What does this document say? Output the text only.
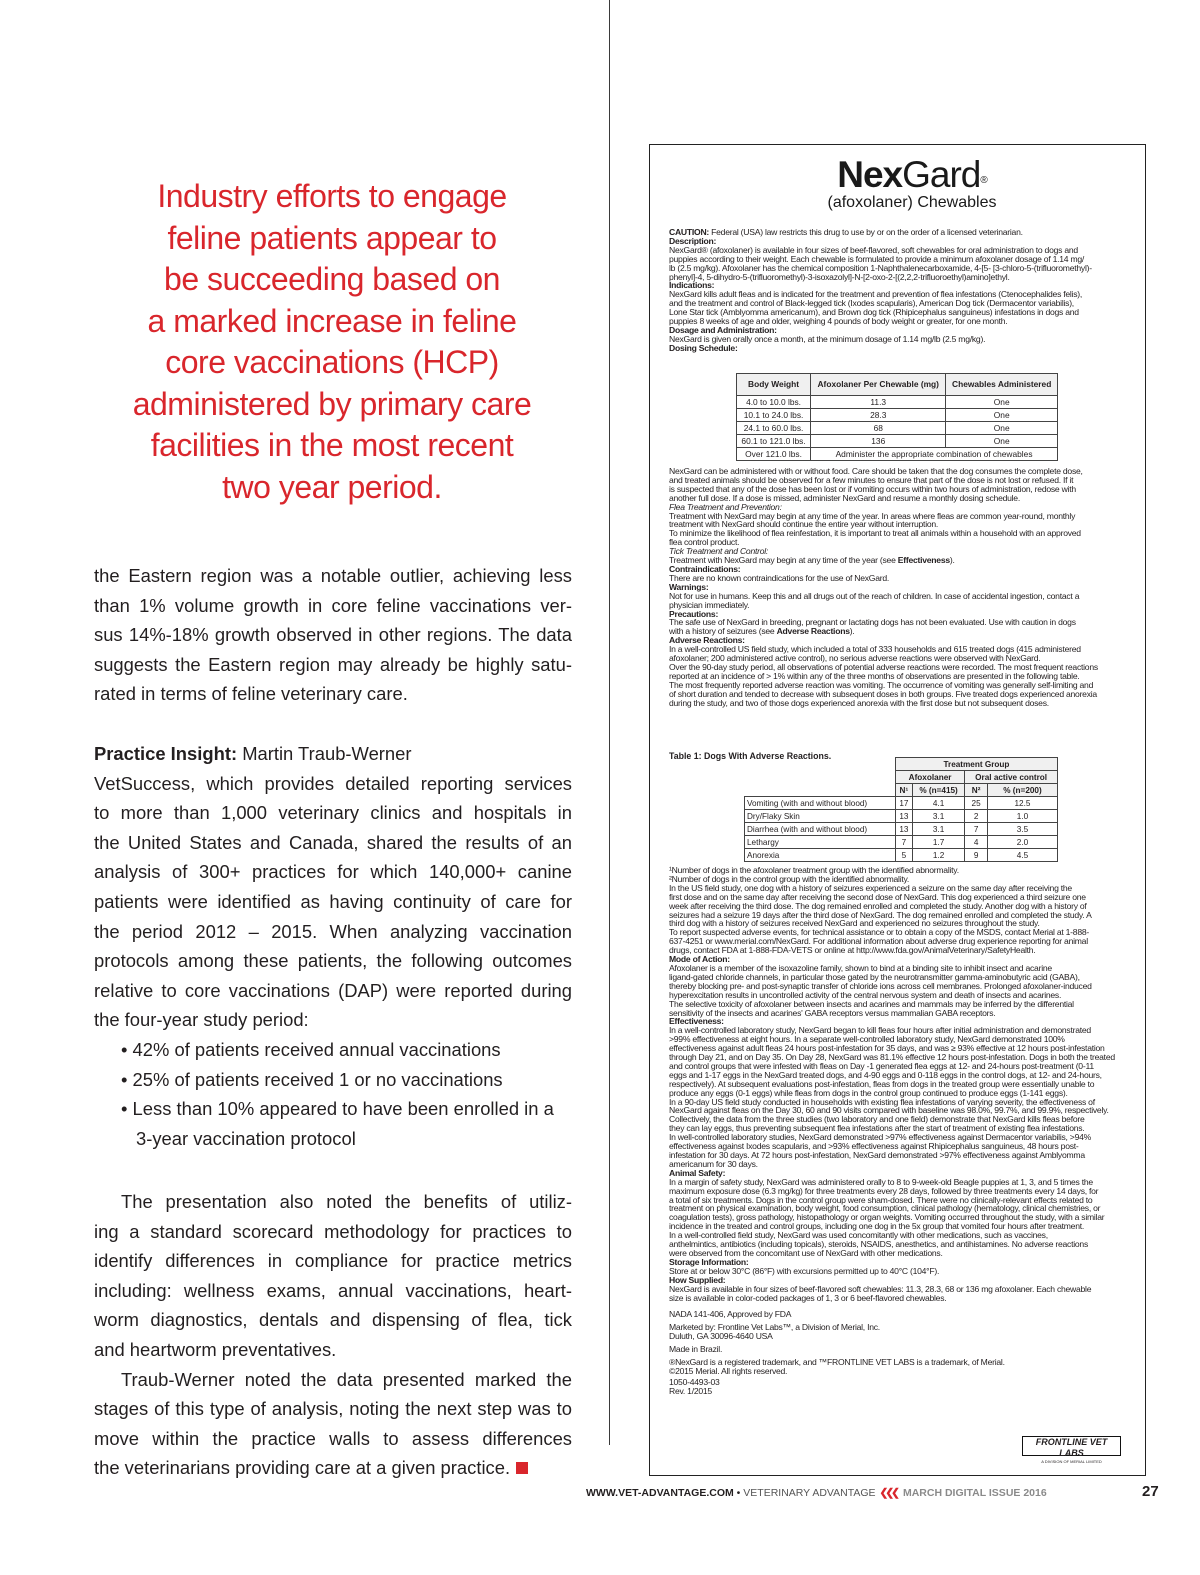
Industry efforts to engage
feline patients appear to
be succeeding based on
a marked increase in feline
core vaccinations (HCP)
administered by primary care
facilities in the most recent
two year period.
the Eastern region was a notable outlier, achieving less
than 1% volume growth in core feline vaccinations ver-
sus 14%-18% growth observed in other regions. The data
suggests the Eastern region may already be highly satu-
rated in terms of feline veterinary care.
Practice Insight: Martin Traub-Werner
VetSuccess, which provides detailed reporting services
to more than 1,000 veterinary clinics and hospitals in
the United States and Canada, shared the results of an
analysis of 300+ practices for which 140,000+ canine
patients were identified as having continuity of care for
the period 2012 – 2015. When analyzing vaccination
protocols among these patients, the following outcomes
relative to core vaccinations (DAP) were reported during
the four-year study period:
• 42% of patients received annual vaccinations
• 25% of patients received 1 or no vaccinations
• Less than 10% appeared to have been enrolled in a
3-year vaccination protocol
The presentation also noted the benefits of utiliz-
ing a standard scorecard methodology for practices to
identify differences in compliance for practice metrics
including: wellness exams, annual vaccinations, heart-
worm diagnostics, dentals and dispensing of flea, tick
and heartworm preventatives.
Traub-Werner noted the data presented marked the
stages of this type of analysis, noting the next step was to
move within the practice walls to assess differences
the veterinarians providing care at a given practice.
NexGard®
(afoxolaner) Chewables

CAUTION: Federal (USA) law restricts this drug to use by or on the order of a licensed veterinarian.

Description:

NexGard® (afoxolaner) is available in four sizes of beef-flavored, soft chewables for oral administration to dogs and

puppies according to their weight. Each chewable is formulated to provide a minimum afoxolaner dosage of 1.14 mg/

lb (2.5 mg/kg). Afoxolaner has the chemical composition 1-Naphthalenecarboxamide, 4-[5- [3-chloro-5-(trifluoromethyl)-

phenyl]-4, 5-dihydro-5-(trifluoromethyl)-3-isoxazolyl]-N-[2-oxo-2-[(2,2,2-trifluoroethyl)amino]ethyl.

Indications:

NexGard kills adult fleas and is indicated for the treatment and prevention of flea infestations (Ctenocephalides felis),

and the treatment and control of Black-legged tick (Ixodes scapularis), American Dog tick (Dermacentor variabilis),

Lone Star tick (Amblyomma americanum), and Brown dog tick (Rhipicephalus sanguineus) infestations in dogs and

puppies 8 weeks of age and older, weighing 4 pounds of body weight or greater, for one month.

Dosage and Administration:

NexGard is given orally once a month, at the minimum dosage of 1.14 mg/lb (2.5 mg/kg).

Dosing Schedule:

Body Weight	Afoxolaner Per Chewable (mg)	Chewables Administered
4.0 to 10.0 lbs.	11.3	One
10.1 to 24.0 lbs.	28.3	One
24.1 to 60.0 lbs.	68	One
60.1 to 121.0 lbs.	136	One
Over 121.0 lbs.	Administer the appropriate combination of chewables	

NexGard can be administered with or without food. Care should be taken that the dog consumes the complete dose,

and treated animals should be observed for a few minutes to ensure that part of the dose is not lost or refused. If it

is suspected that any of the dose has been lost or if vomiting occurs within two hours of administration, redose with

another full dose. If a dose is missed, administer NexGard and resume a monthly dosing schedule.

Flea Treatment and Prevention:

Treatment with NexGard may begin at any time of the year. In areas where fleas are common year-round, monthly

treatment with NexGard should continue the entire year without interruption.

To minimize the likelihood of flea reinfestation, it is important to treat all animals within a household with an approved

flea control product.

Tick Treatment and Control:

Treatment with NexGard may begin at any time of the year (see Effectiveness).

Contraindications:

There are no known contraindications for the use of NexGard.

Warnings:

Not for use in humans. Keep this and all drugs out of the reach of children. In case of accidental ingestion, contact a

physician immediately.

Precautions:

The safe use of NexGard in breeding, pregnant or lactating dogs has not been evaluated. Use with caution in dogs

with a history of seizures (see Adverse Reactions).

Adverse Reactions:

In a well-controlled US field study, which included a total of 333 households and 615 treated dogs (415 administered

afoxolaner; 200 administered active control), no serious adverse reactions were observed with NexGard.

Over the 90-day study period, all observations of potential adverse reactions were recorded. The most frequent reactions

reported at an incidence of > 1% within any of the three months of observations are presented in the following table.

The most frequently reported adverse reaction was vomiting. The occurrence of vomiting was generally self-limiting and

of short duration and tended to decrease with subsequent doses in both groups. Five treated dogs experienced anorexia

during the study, and two of those dogs experienced anorexia with the first dose but not subsequent doses.

Table 1: Dogs With Adverse Reactions.
	Treatment Group			
	Afoxolaner		Oral active control	
	N¹	% (n=415)	N²	% (n=200)
Vomiting (with and without blood)	17	4.1	25	12.5
Dry/Flaky Skin	13	3.1	2	1.0
Diarrhea (with and without blood)	13	3.1	7	3.5
Lethargy	7	1.7	4	2.0
Anorexia	5	1.2	9	4.5

¹Number of dogs in the afoxolaner treatment group with the identified abnormality.

²Number of dogs in the control group with the identified abnormality.

In the US field study, one dog with a history of seizures experienced a seizure on the same day after receiving the

first dose and on the same day after receiving the second dose of NexGard. This dog experienced a third seizure one

week after receiving the third dose. The dog remained enrolled and completed the study. Another dog with a history of

seizures had a seizure 19 days after the third dose of NexGard. The dog remained enrolled and completed the study. A

third dog with a history of seizures received NexGard and experienced no seizures throughout the study.

To report suspected adverse events, for technical assistance or to obtain a copy of the MSDS, contact Merial at 1-888-

637-4251 or www.merial.com/NexGard. For additional information about adverse drug experience reporting for animal

drugs, contact FDA at 1-888-FDA-VETS or online at http://www.fda.gov/AnimalVeterinary/SafetyHealth.

Mode of Action:

Afoxolaner is a member of the isoxazoline family, shown to bind at a binding site to inhibit insect and acarine

ligand-gated chloride channels, in particular those gated by the neurotransmitter gamma-aminobutyric acid (GABA),

thereby blocking pre- and post-synaptic transfer of chloride ions across cell membranes. Prolonged afoxolaner-induced

hyperexcitation results in uncontrolled activity of the central nervous system and death of insects and acarines.

The selective toxicity of afoxolaner between insects and acarines and mammals may be inferred by the differential

sensitivity of the insects and acarines' GABA receptors versus mammalian GABA receptors.

Effectiveness:

In a well-controlled laboratory study, NexGard began to kill fleas four hours after initial administration and demonstrated

>99% effectiveness at eight hours. In a separate well-controlled laboratory study, NexGard demonstrated 100%

effectiveness against adult fleas 24 hours post-infestation for 35 days, and was ≥ 93% effective at 12 hours post-infestation

through Day 21, and on Day 35. On Day 28, NexGard was 81.1% effective 12 hours post-infestation. Dogs in both the treated

and control groups that were infested with fleas on Day -1 generated flea eggs at 12- and 24-hours post-treatment (0-11

eggs and 1-17 eggs in the NexGard treated dogs, and 4-90 eggs and 0-118 eggs in the control dogs, at 12- and 24-hours,

respectively). At subsequent evaluations post-infestation, fleas from dogs in the treated group were essentially unable to

produce any eggs (0-1 eggs) while fleas from dogs in the control group continued to produce eggs (1-141 eggs).

In a 90-day US field study conducted in households with existing flea infestations of varying severity, the effectiveness of

NexGard against fleas on the Day 30, 60 and 90 visits compared with baseline was 98.0%, 99.7%, and 99.9%, respectively.

Collectively, the data from the three studies (two laboratory and one field) demonstrate that NexGard kills fleas before

they can lay eggs, thus preventing subsequent flea infestations after the start of treatment of existing flea infestations.

In well-controlled laboratory studies, NexGard demonstrated >97% effectiveness against Dermacentor variabilis, >94%

effectiveness against Ixodes scapularis, and >93% effectiveness against Rhipicephalus sanguineus, 48 hours post-

infestation for 30 days. At 72 hours post-infestation, NexGard demonstrated >97% effectiveness against Amblyomma

americanum for 30 days.

Animal Safety:

In a margin of safety study, NexGard was administered orally to 8 to 9-week-old Beagle puppies at 1, 3, and 5 times the

maximum exposure dose (6.3 mg/kg) for three treatments every 28 days, followed by three treatments every 14 days, for

a total of six treatments. Dogs in the control group were sham-dosed. There were no clinically-relevant effects related to

treatment on physical examination, body weight, food consumption, clinical pathology (hematology, clinical chemistries, or

coagulation tests), gross pathology, histopathology or organ weights. Vomiting occurred throughout the study, with a similar

incidence in the treated and control groups, including one dog in the 5x group that vomited four hours after treatment.

In a well-controlled field study, NexGard was used concomitantly with other medications, such as vaccines,

anthelmintics, antibiotics (including topicals), steroids, NSAIDS, anesthetics, and antihistamines. No adverse reactions

were observed from the concomitant use of NexGard with other medications.

Storage Information:

Store at or below 30°C (86°F) with excursions permitted up to 40°C (104°F).

How Supplied:

NexGard is available in four sizes of beef-flavored soft chewables: 11.3, 28.3, 68 or 136 mg afoxolaner. Each chewable

size is available in color-coded packages of 1, 3 or 6 beef-flavored chewables.

NADA 141-406, Approved by FDA

Marketed by: Frontline Vet Labs™, a Division of Merial, Inc.

Duluth, GA 30096-4640 USA

Made in Brazil.

®NexGard is a registered trademark, and ™FRONTLINE VET LABS is a trademark, of Merial.

©2015 Merial. All rights reserved.

1050-4493-03

Rev. 1/2015

FRONTLINE VET LABS
A DIVISION OF MERIAL LIMITED
WWW.VET-ADVANTAGE.COM • VETERINARY ADVANTAGE ❮❮❮ MARCH DIGITAL ISSUE 2016	27
